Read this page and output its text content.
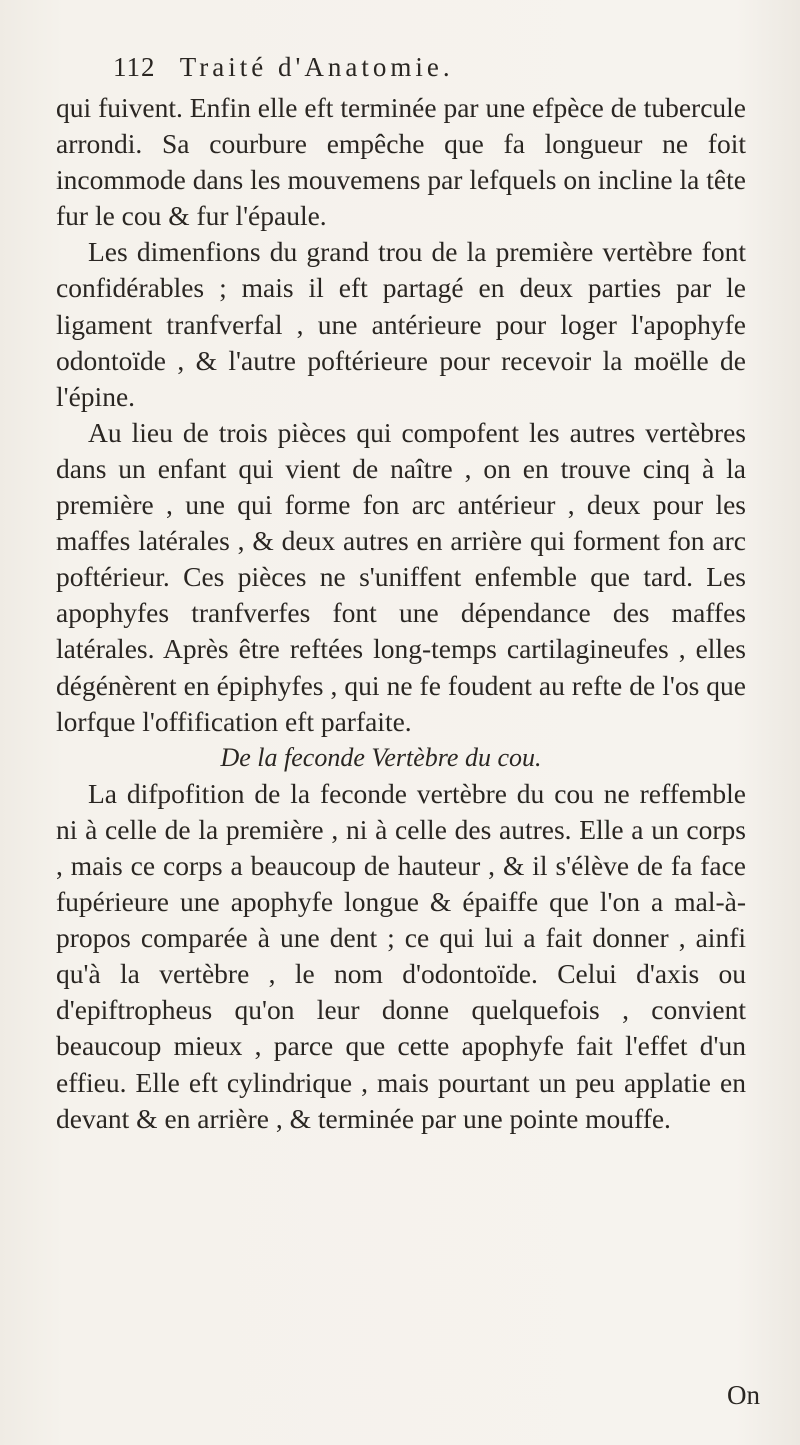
112 Traité d'Anatomie.

qui fuivent. Enfin elle eft terminée par une efpèce de tubercule arrondi. Sa courbure empêche que fa longueur ne foit incommode dans les mouvemens par lefquels on incline la tête fur le cou & fur l'épaule.

Les dimenfions du grand trou de la première vertèbre font confidérables ; mais il eft partagé en deux parties par le ligament tranfverfal , une antérieure pour loger l'apophyfe odontoïde , & l'autre poftérieure pour recevoir la moëlle de l'épine.

Au lieu de trois pièces qui compofent les autres vertèbres dans un enfant qui vient de naître , on en trouve cinq à la première , une qui forme fon arc antérieur , deux pour les maffes latérales , & deux autres en arrière qui forment fon arc poftérieur. Ces pièces ne s'uniffent enfemble que tard. Les apophyfes tranfverfes font une dépendance des maffes latérales. Après être reftées long-temps cartilagineufes , elles dégénèrent en épiphyfes , qui ne fe foudent au refte de l'os que lorfque l'offification eft parfaite.

De la feconde Vertèbre du cou.

La difpofition de la feconde vertèbre du cou ne reffemble ni à celle de la première , ni à celle des autres. Elle a un corps , mais ce corps a beaucoup de hauteur , & il s'élève de fa face fupérieure une apophyfe longue & épaiffe que l'on a mal-à-propos comparée à une dent ; ce qui lui a fait donner , ainfi qu'à la vertèbre , le nom d'odontoïde. Celui d'axis ou d'epiftropheus qu'on leur donne quelquefois , convient beaucoup mieux , parce que cette apophyfe fait l'effet d'un effieu. Elle eft cylindrique , mais pourtant un peu applatie en devant & en arrière , & terminée par une pointe mouffe.

On
